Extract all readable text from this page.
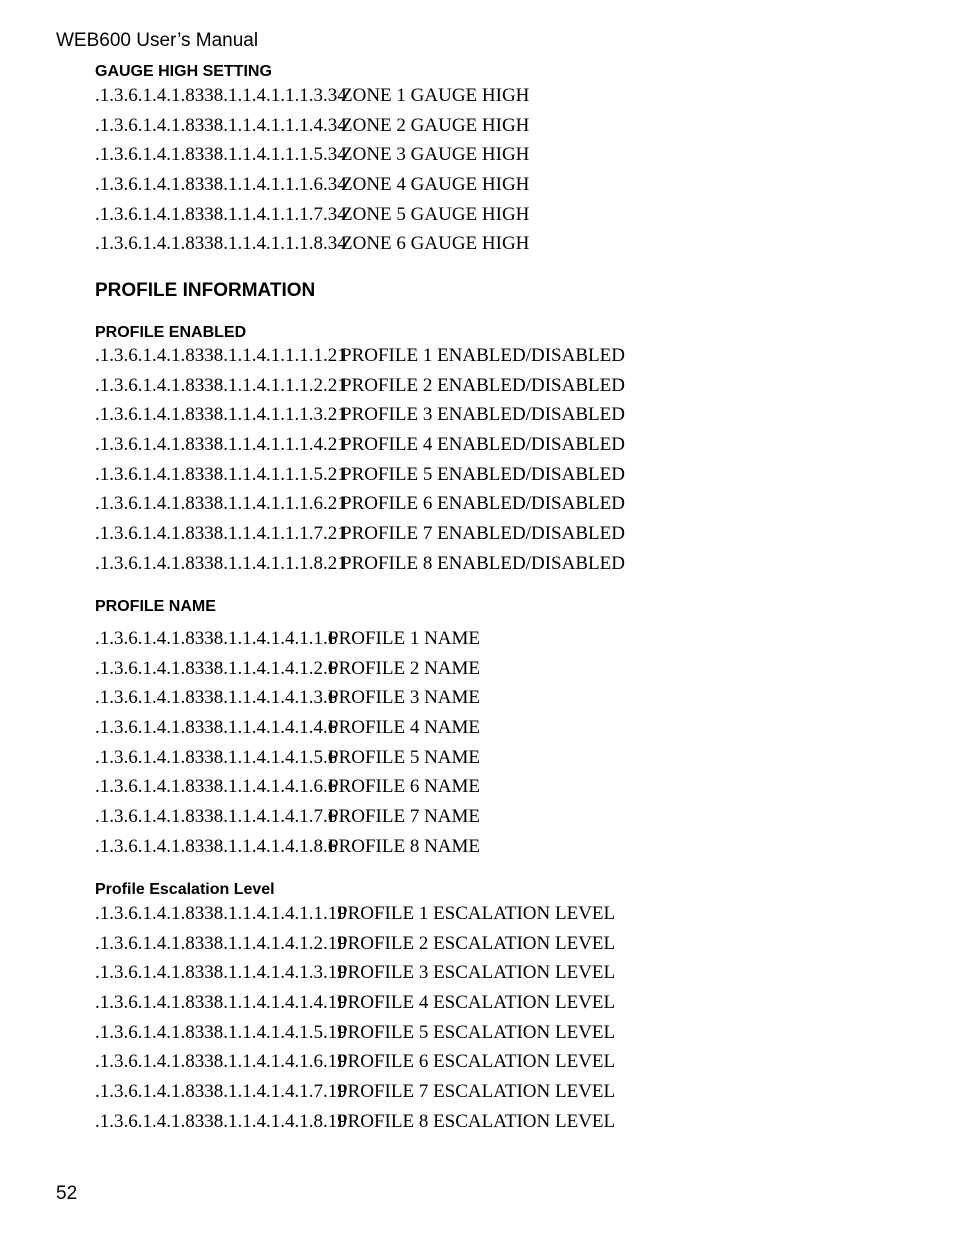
WEB600 User’s Manual
GAUGE HIGH SETTING
.1.3.6.1.4.1.8338.1.1.4.1.1.1.3.34ZONE 1 GAUGE HIGH
.1.3.6.1.4.1.8338.1.1.4.1.1.1.4.34ZONE 2 GAUGE HIGH
.1.3.6.1.4.1.8338.1.1.4.1.1.1.5.34ZONE 3 GAUGE HIGH
.1.3.6.1.4.1.8338.1.1.4.1.1.1.6.34ZONE 4 GAUGE HIGH
.1.3.6.1.4.1.8338.1.1.4.1.1.1.7.34ZONE 5 GAUGE HIGH
.1.3.6.1.4.1.8338.1.1.4.1.1.1.8.34ZONE 6 GAUGE HIGH
PROFILE INFORMATION
PROFILE ENABLED
.1.3.6.1.4.1.8338.1.1.4.1.1.1.1.21PROFILE 1 ENABLED/DISABLED
.1.3.6.1.4.1.8338.1.1.4.1.1.1.2.21PROFILE 2 ENABLED/DISABLED
.1.3.6.1.4.1.8338.1.1.4.1.1.1.3.21PROFILE 3 ENABLED/DISABLED
.1.3.6.1.4.1.8338.1.1.4.1.1.1.4.21PROFILE 4 ENABLED/DISABLED
.1.3.6.1.4.1.8338.1.1.4.1.1.1.5.21PROFILE 5 ENABLED/DISABLED
.1.3.6.1.4.1.8338.1.1.4.1.1.1.6.21PROFILE 6 ENABLED/DISABLED
.1.3.6.1.4.1.8338.1.1.4.1.1.1.7.21PROFILE 7 ENABLED/DISABLED
.1.3.6.1.4.1.8338.1.1.4.1.1.1.8.21PROFILE 8 ENABLED/DISABLED
PROFILE NAME
.1.3.6.1.4.1.8338.1.1.4.1.4.1.1.6PROFILE 1 NAME
.1.3.6.1.4.1.8338.1.1.4.1.4.1.2.6PROFILE 2 NAME
.1.3.6.1.4.1.8338.1.1.4.1.4.1.3.6PROFILE 3 NAME
.1.3.6.1.4.1.8338.1.1.4.1.4.1.4.6PROFILE 4 NAME
.1.3.6.1.4.1.8338.1.1.4.1.4.1.5.6PROFILE 5 NAME
.1.3.6.1.4.1.8338.1.1.4.1.4.1.6.6PROFILE 6 NAME
.1.3.6.1.4.1.8338.1.1.4.1.4.1.7.6PROFILE 7 NAME
.1.3.6.1.4.1.8338.1.1.4.1.4.1.8.6PROFILE 8 NAME
Profile Escalation Level
.1.3.6.1.4.1.8338.1.1.4.1.4.1.1.19PROFILE 1 ESCALATION LEVEL
.1.3.6.1.4.1.8338.1.1.4.1.4.1.2.19PROFILE 2 ESCALATION LEVEL
.1.3.6.1.4.1.8338.1.1.4.1.4.1.3.19PROFILE 3 ESCALATION LEVEL
.1.3.6.1.4.1.8338.1.1.4.1.4.1.4.19PROFILE 4 ESCALATION LEVEL
.1.3.6.1.4.1.8338.1.1.4.1.4.1.5.19PROFILE 5 ESCALATION LEVEL
.1.3.6.1.4.1.8338.1.1.4.1.4.1.6.19PROFILE 6 ESCALATION LEVEL
.1.3.6.1.4.1.8338.1.1.4.1.4.1.7.19PROFILE 7 ESCALATION LEVEL
.1.3.6.1.4.1.8338.1.1.4.1.4.1.8.19PROFILE 8 ESCALATION LEVEL
52
